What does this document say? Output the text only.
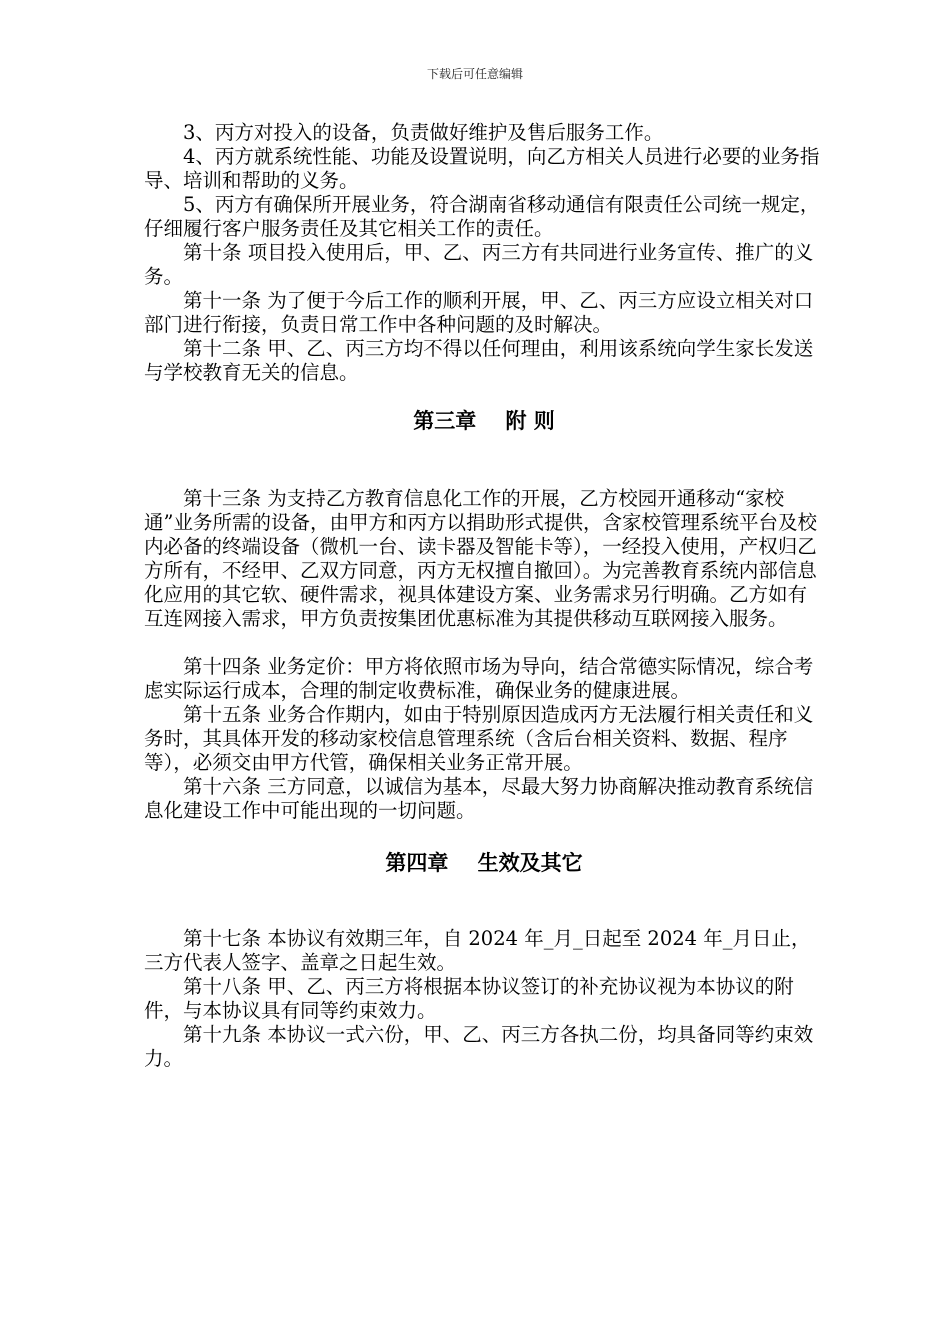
下载后可任意编辑

3、丙方对投入的设备，负责做好维护及售后服务工作。

4、丙方就系统性能、功能及设置说明，向乙方相关人员进行必要的业务指导、培训和帮助的义务。

5、丙方有确保所开展业务，符合湖南省移动通信有限责任公司统一规定，仔细履行客户服务责任及其它相关工作的责任。

第十条 项目投入使用后，甲、乙、丙三方有共同进行业务宣传、推广的义务。

第十一条 为了便于今后工作的顺利开展，甲、乙、丙三方应设立相关对口部门进行衔接，负责日常工作中各种问题的及时解决。

第十二条 甲、乙、丙三方均不得以任何理由，利用该系统向学生家长发送与学校教育无关的信息。

第三章    附 则

第十三条 为支持乙方教育信息化工作的开展，乙方校园开通移动“家校通”业务所需的设备，由甲方和丙方以捐助形式提供，含家校管理系统平台及校内必备的终端设备（微机一台、读卡器及智能卡等），一经投入使用，产权归乙方所有，不经甲、乙双方同意，丙方无权擅自撤回）。为完善教育系统内部信息化应用的其它软、硬件需求，视具体建设方案、业务需求另行明确。乙方如有互连网接入需求，甲方负责按集团优惠标准为其提供移动互联网接入服务。

第十四条 业务定价：甲方将依照市场为导向，结合常德实际情况，综合考虑实际运行成本，合理的制定收费标准，确保业务的健康进展。

第十五条 业务合作期内，如由于特别原因造成丙方无法履行相关责任和义务时，其具体开发的移动家校信息管理系统（含后台相关资料、数据、程序等），必须交由甲方代管，确保相关业务正常开展。

第十六条 三方同意，以诚信为基本，尽最大努力协商解决推动教育系统信息化建设工作中可能出现的一切问题。

第四章    生效及其它

第十七条 本协议有效期三年，自 2024 年_月_日起至 2024 年_月日止，三方代表人签字、盖章之日起生效。

第十八条 甲、乙、丙三方将根据本协议签订的补充协议视为本协议的附件，与本协议具有同等约束效力。

第十九条 本协议一式六份，甲、乙、丙三方各执二份，均具备同等约束效力。
